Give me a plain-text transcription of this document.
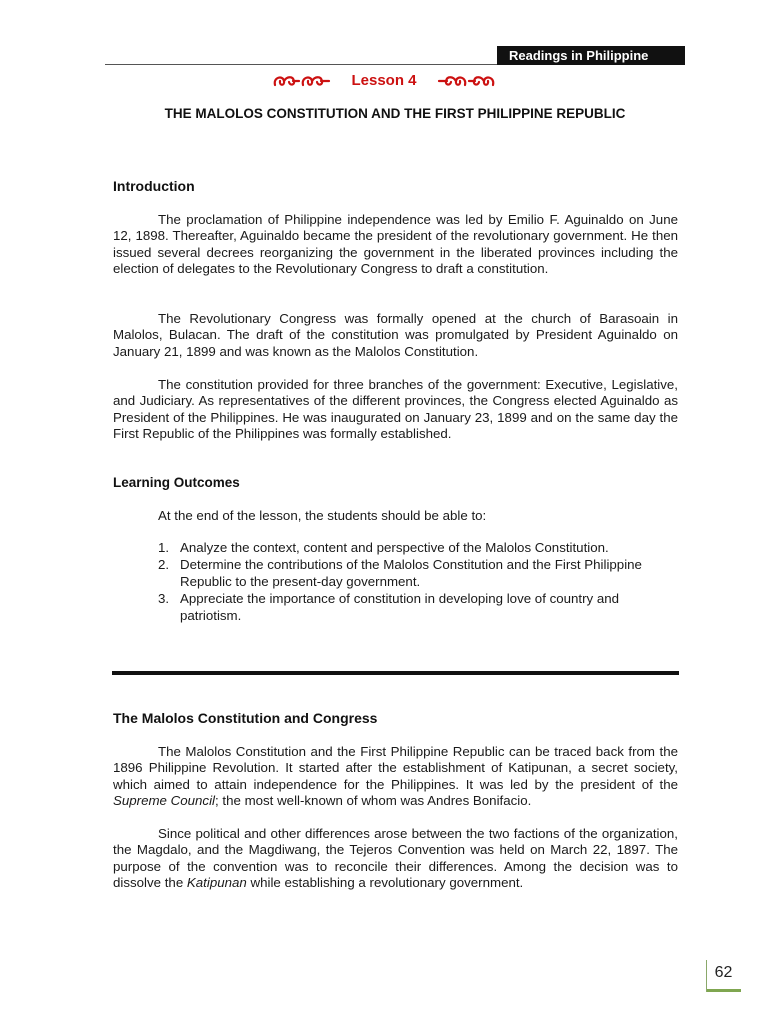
Readings in Philippine
Lesson 4
THE MALOLOS CONSTITUTION AND THE FIRST PHILIPPINE REPUBLIC
Introduction

The proclamation of Philippine independence was led by Emilio F. Aguinaldo on June 12, 1898. Thereafter, Aguinaldo became the president of the revolutionary government. He then issued several decrees reorganizing the government in the liberated provinces including the election of delegates to the Revolutionary Congress to draft a constitution.

The Revolutionary Congress was formally opened at the church of Barasoain in Malolos, Bulacan. The draft of the constitution was promulgated by President Aguinaldo on January 21, 1899 and was known as the Malolos Constitution.

The constitution provided for three branches of the government: Executive, Legislative, and Judiciary. As representatives of the different provinces, the Congress elected Aguinaldo as President of the Philippines. He was inaugurated on January 23, 1899 and on the same day the First Republic of the Philippines was formally established.

Learning Outcomes

At the end of the lesson, the students should be able to:

1. Analyze the context, content and perspective of the Malolos Constitution.
2. Determine the contributions of the Malolos Constitution and the First Philippine Republic to the present-day government.
3. Appreciate the importance of constitution in developing love of country and patriotism.
The Malolos Constitution and Congress

The Malolos Constitution and the First Philippine Republic can be traced back from the 1896 Philippine Revolution. It started after the establishment of Katipunan, a secret society, which aimed to attain independence for the Philippines. It was led by the president of the Supreme Council; the most well-known of whom was Andres Bonifacio.

Since political and other differences arose between the two factions of the organization, the Magdalo, and the Magdiwang, the Tejeros Convention was held on March 22, 1897. The purpose of the convention was to reconcile their differences. Among the decision was to dissolve the Katipunan while establishing a revolutionary government.

62
